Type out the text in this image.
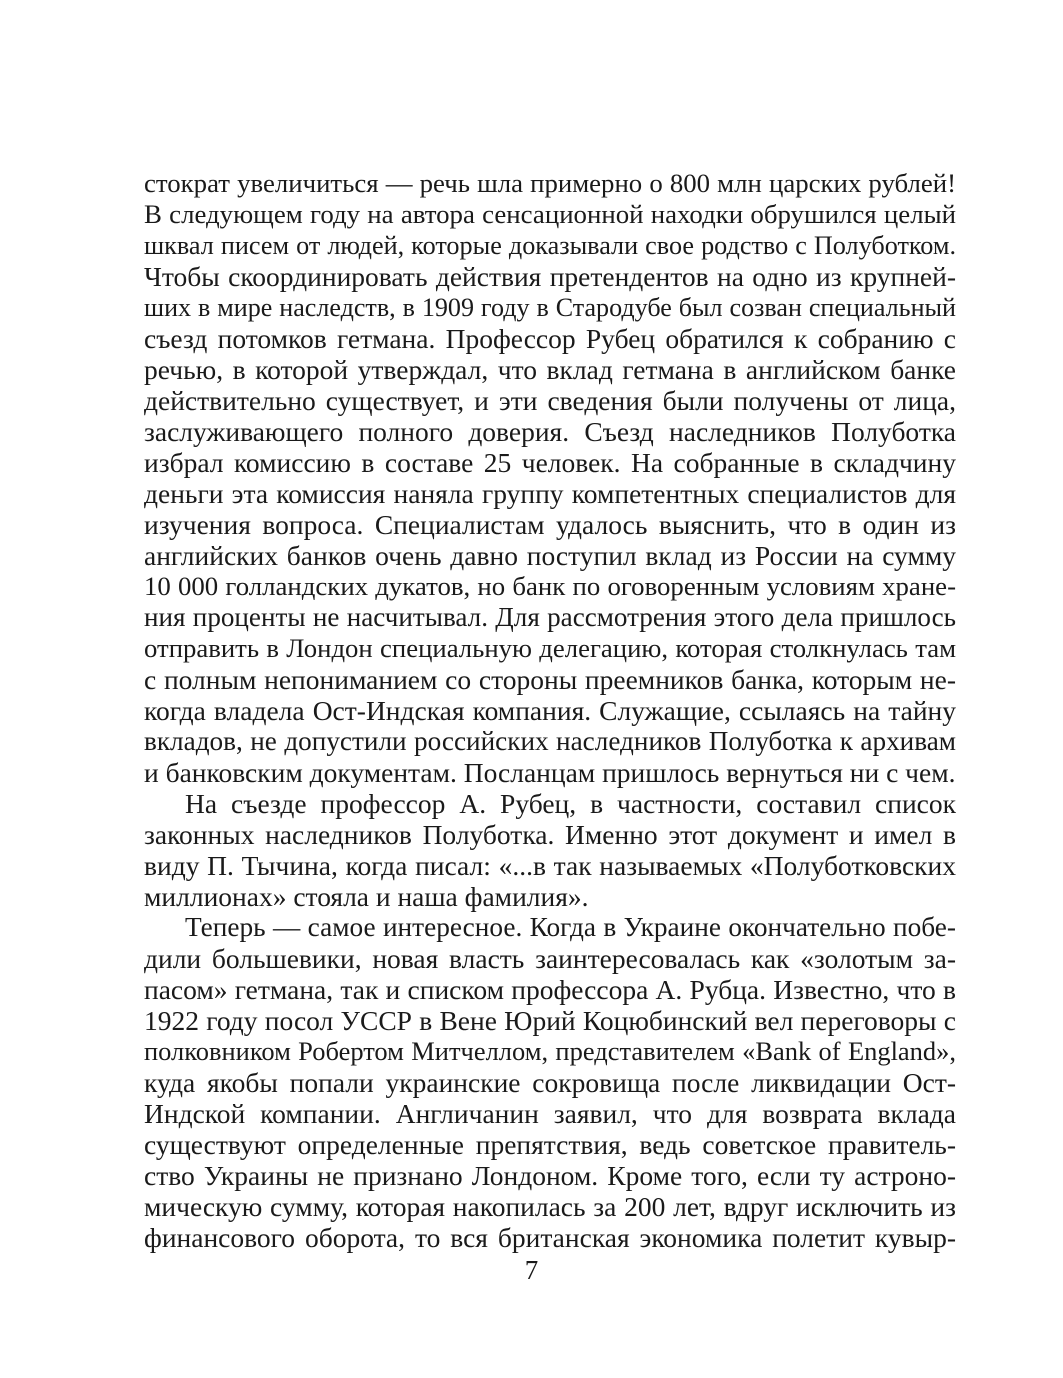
стократ увеличиться — речь шла примерно о 800 млн царских рублей!
В следующем году на автора сенсационной находки обрушился целый
шквал писем от людей, которые доказывали свое родство с Полуботком.
Чтобы скоординировать действия претендентов на одно из крупней-
ших в мире наследств, в 1909 году в Стародубе был созван специальный
съезд потомков гетмана. Профессор Рубец обратился к собранию с
речью, в которой утверждал, что вклад гетмана в английском банке
действительно существует, и эти сведения были получены от лица,
заслуживающего полного доверия. Съезд наследников Полуботка
избрал комиссию в составе 25 человек. На собранные в складчину
деньги эта комиссия наняла группу компетентных специалистов для
изучения вопроса. Специалистам удалось выяснить, что в один из
английских банков очень давно поступил вклад из России на сумму
10 000 голландских дукатов, но банк по оговоренным условиям хране-
ния проценты не насчитывал. Для рассмотрения этого дела пришлось
отправить в Лондон специальную делегацию, которая столкнулась там
с полным непониманием со стороны преемников банка, которым не-
когда владела Ост-Индская компания. Служащие, ссылаясь на тайну
вкладов, не допустили российских наследников Полуботка к архивам
и банковским документам. Посланцам пришлось вернуться ни с чем.
На съезде профессор А. Рубец, в частности, составил список
законных наследников Полуботка. Именно этот документ и имел в
виду П. Тычина, когда писал: «...в так называемых «Полуботковских
миллионах» стояла и наша фамилия».
Теперь — самое интересное. Когда в Украине окончательно побе-
дили большевики, новая власть заинтересовалась как «золотым за-
пасом» гетмана, так и списком профессора А. Рубца. Известно, что в
1922 году посол УССР в Вене Юрий Коцюбинский вел переговоры с
полковником Робертом Митчеллом, представителем «Bank of England»,
куда якобы попали украинские сокровища после ликвидации Ост-
Индской компании. Англичанин заявил, что для возврата вклада
существуют определенные препятствия, ведь советское правитель-
ство Украины не признано Лондоном. Кроме того, если ту астроно-
мическую сумму, которая накопилась за 200 лет, вдруг исключить из
финансового оборота, то вся британская экономика полетит кувыр-
7
